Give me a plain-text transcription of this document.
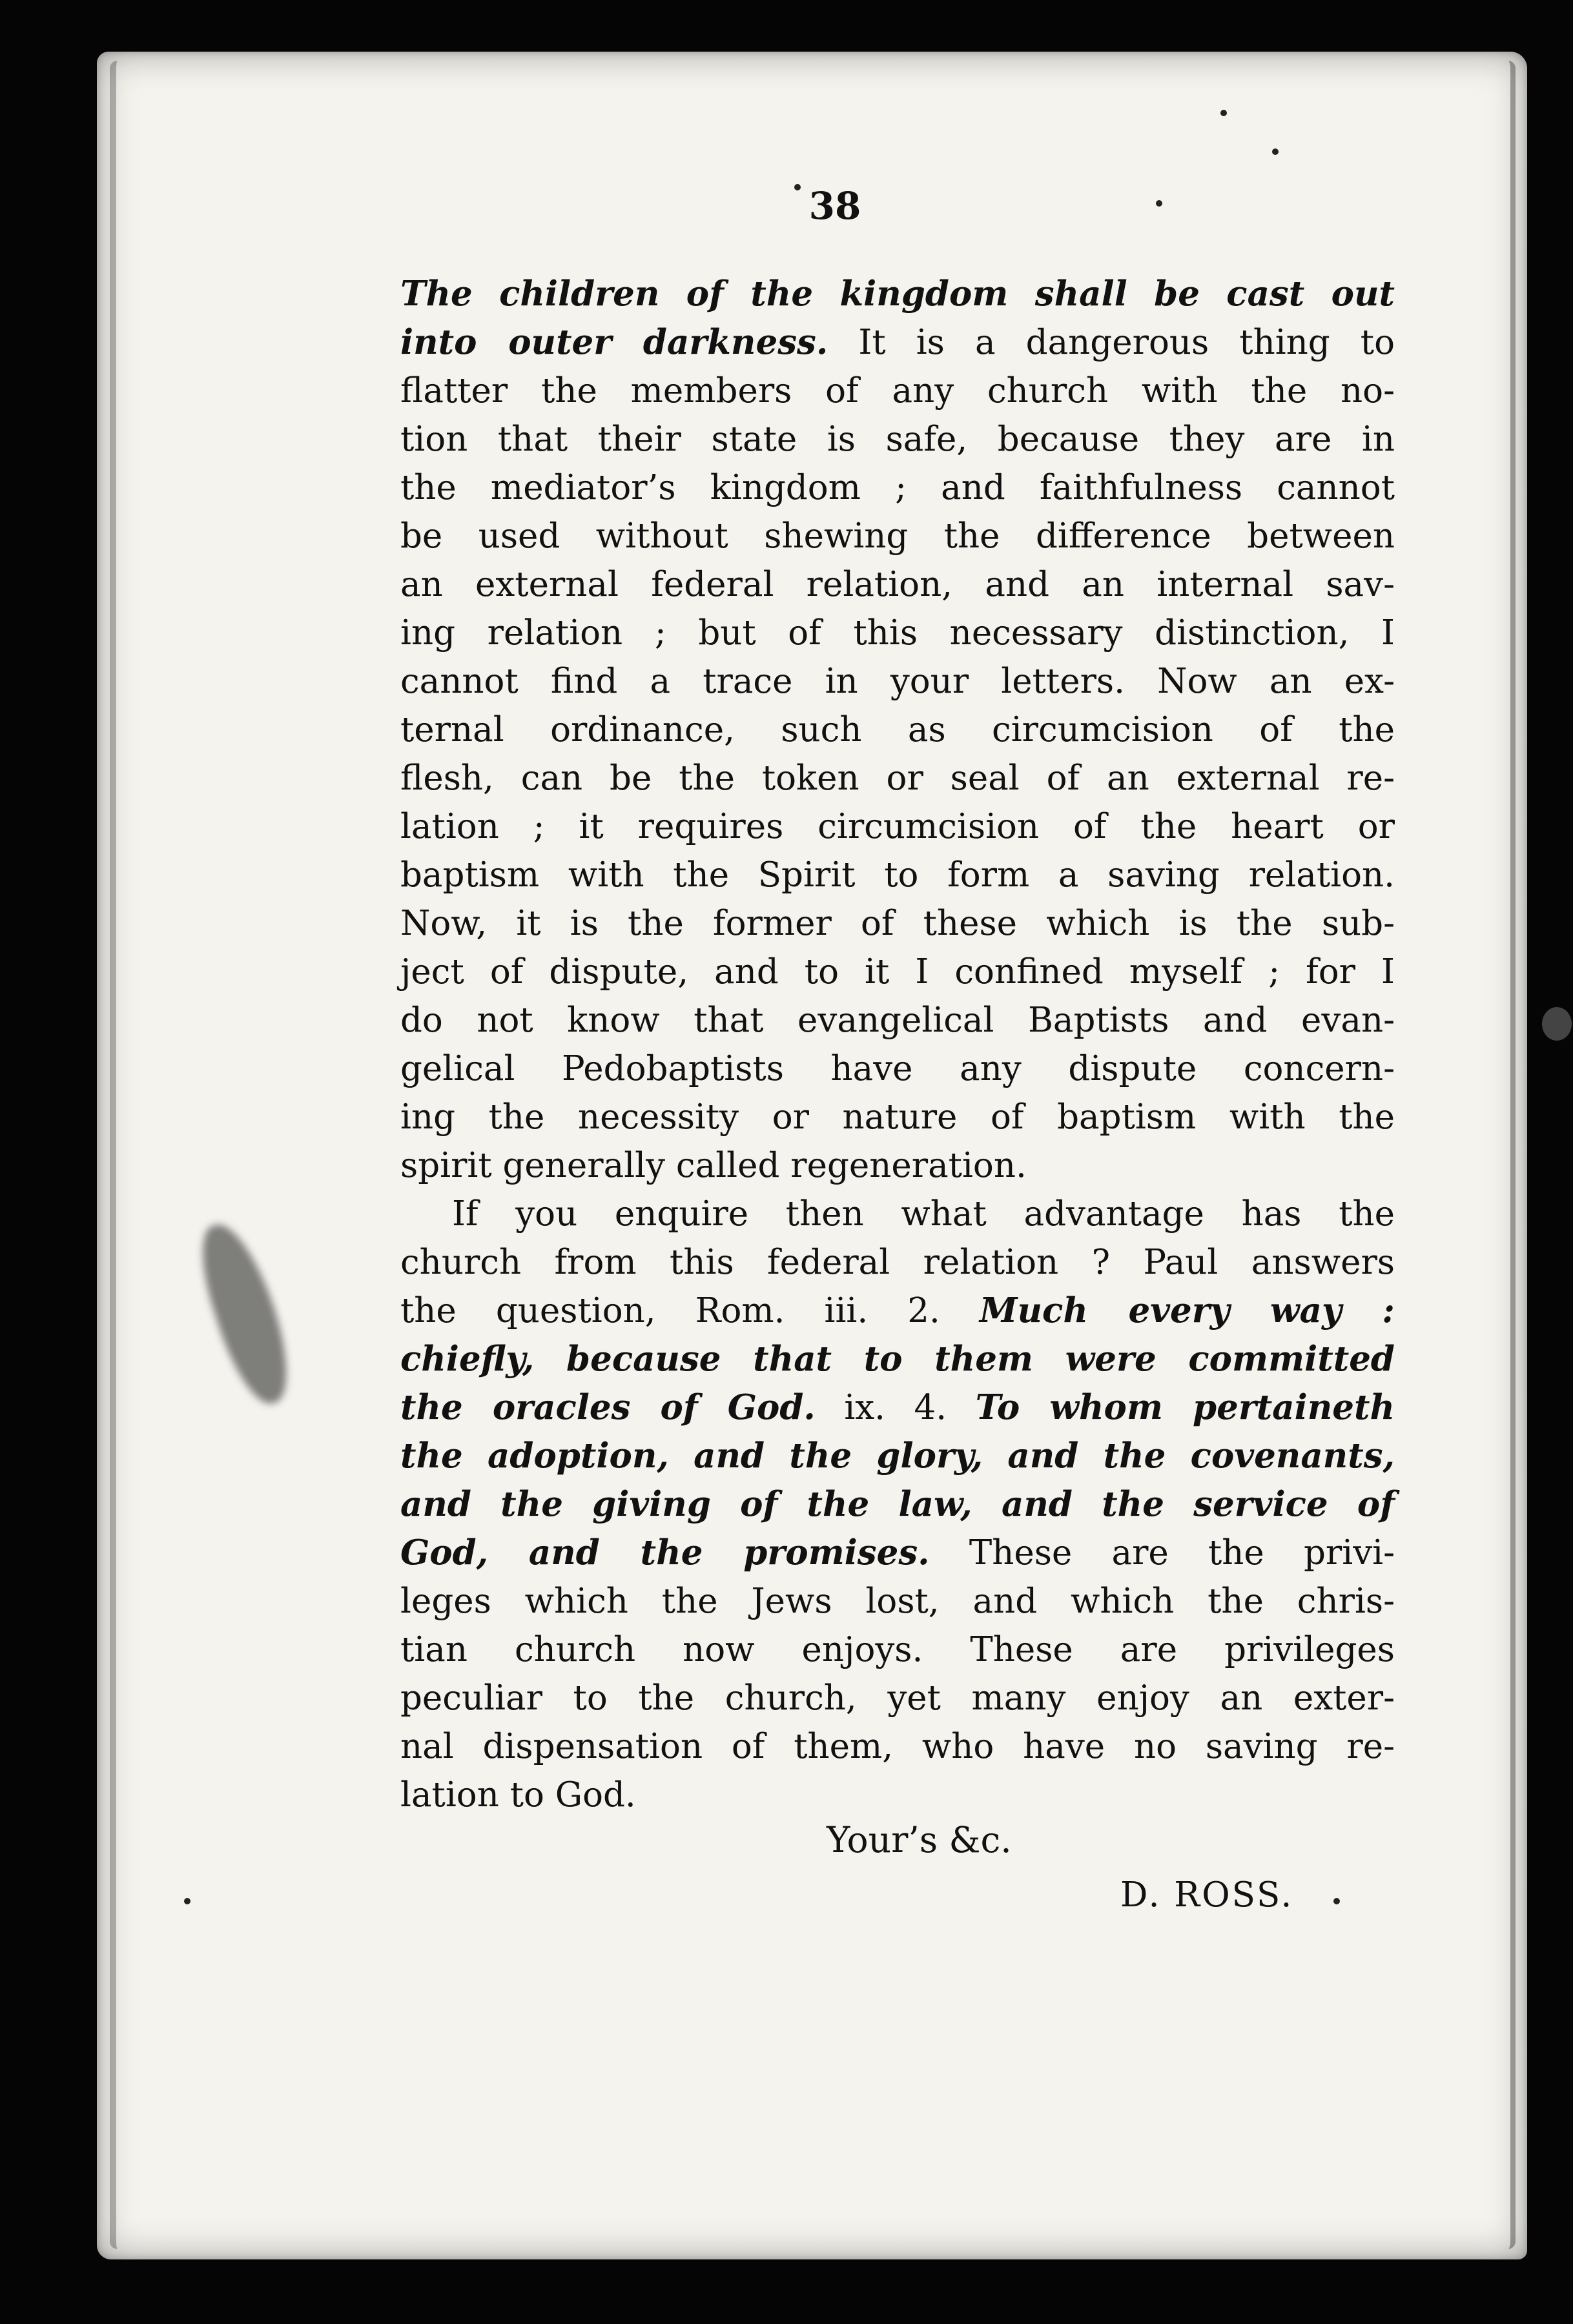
38
The children of the kingdom shall be cast out
into outer darkness. It is a dangerous thing to
flatter the members of any church with the no-
tion that their state is safe, because they are in
the mediator’s kingdom ; and faithfulness cannot
be used without shewing the difference between
an external federal relation, and an internal sav-
ing relation ; but of this necessary distinction, I
cannot find a trace in your letters. Now an ex-
ternal ordinance, such as circumcision of the
flesh, can be the token or seal of an external re-
lation ; it requires circumcision of the heart or
baptism with the Spirit to form a saving relation.
Now, it is the former of these which is the sub-
ject of dispute, and to it I confined myself ; for I
do not know that evangelical Baptists and evan-
gelical Pedobaptists have any dispute concern-
ing the necessity or nature of baptism with the
spirit generally called regeneration.
If you enquire then what advantage has the
church from this federal relation ? Paul answers
the question, Rom. iii. 2. Much every way :
chiefly, because that to them were committed
the oracles of God. ix. 4. To whom pertaineth
the adoption, and the glory, and the covenants,
and the giving of the law, and the service of
God, and the promises. These are the privi-
leges which the Jews lost, and which the chris-
tian church now enjoys. These are privileges
peculiar to the church, yet many enjoy an exter-
nal dispensation of them, who have no saving re-
lation to God.
Your’s &c.
D. ROSS.
